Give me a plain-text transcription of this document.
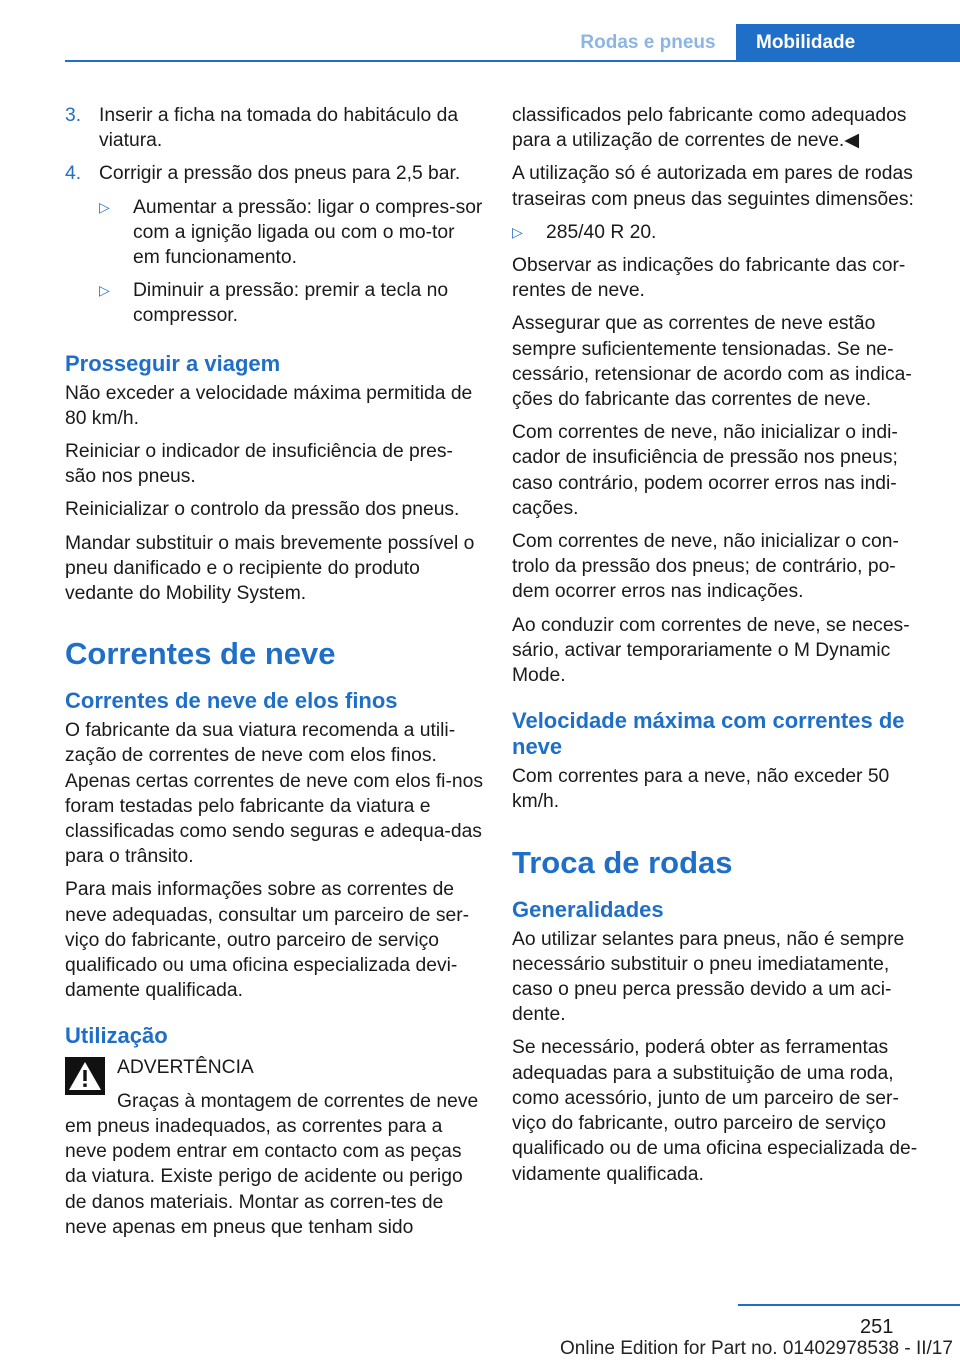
Rodas e pneus	Mobilidade
3. Inserir a ficha na tomada do habitáculo da viatura.
4. Corrigir a pressão dos pneus para 2,5 bar.
▷	Aumentar a pressão: ligar o compres‐sor com a ignição ligada ou com o mo‐tor em funcionamento.
▷	Diminuir a pressão: premir a tecla no compressor.
Prosseguir a viagem

Não exceder a velocidade máxima permitida de 80 km/h.

Reiniciar o indicador de insuficiência de pres‐são nos pneus.

Reinicializar o controlo da pressão dos pneus.

Mandar substituir o mais brevemente possível o pneu danificado e o recipiente do produto vedante do Mobility System.

Correntes de neve
Correntes de neve de elos finos

O fabricante da sua viatura recomenda a utili‐zação de correntes de neve com elos finos. Apenas certas correntes de neve com elos fi‐nos foram testadas pelo fabricante da viatura e classificadas como sendo seguras e adequa‐das para o trânsito.

Para mais informações sobre as correntes de neve adequadas, consultar um parceiro de ser‐viço do fabricante, outro parceiro de serviço qualificado ou uma oficina especializada devi‐damente qualificada.

Utilização

ADVERTÊNCIA

Graças à montagem de correntes de neve em pneus inadequados, as correntes para a neve podem entrar em contacto com as peças da viatura. Existe perigo de acidente ou perigo de danos materiais. Montar as corren‐tes de neve apenas em pneus que tenham sido

classificados pelo fabricante como adequados para a utilização de correntes de neve.◀

A utilização só é autorizada em pares de rodas traseiras com pneus das seguintes dimensões:

▷	285/40 R 20.

Observar as indicações do fabricante das cor‐rentes de neve.

Assegurar que as correntes de neve estão sempre suficientemente tensionadas. Se ne‐cessário, retensionar de acordo com as indica‐ções do fabricante das correntes de neve.

Com correntes de neve, não inicializar o indi‐cador de insuficiência de pressão nos pneus; caso contrário, podem ocorrer erros nas indi‐cações.

Com correntes de neve, não inicializar o con‐trolo da pressão dos pneus; de contrário, po‐dem ocorrer erros nas indicações.

Ao conduzir com correntes de neve, se neces‐sário, activar temporariamente o M Dynamic Mode.

Velocidade máxima com correntes de neve

Com correntes para a neve, não exceder 50 km/h.

Troca de rodas
Generalidades

Ao utilizar selantes para pneus, não é sempre necessário substituir o pneu imediatamente, caso o pneu perca pressão devido a um aci‐dente.

Se necessário, poderá obter as ferramentas adequadas para a substituição de uma roda, como acessório, junto de um parceiro de ser‐viço do fabricante, outro parceiro de serviço qualificado ou de uma oficina especializada de‐vidamente qualificada.

251
Online Edition for Part no. 01402978538 - II/17
